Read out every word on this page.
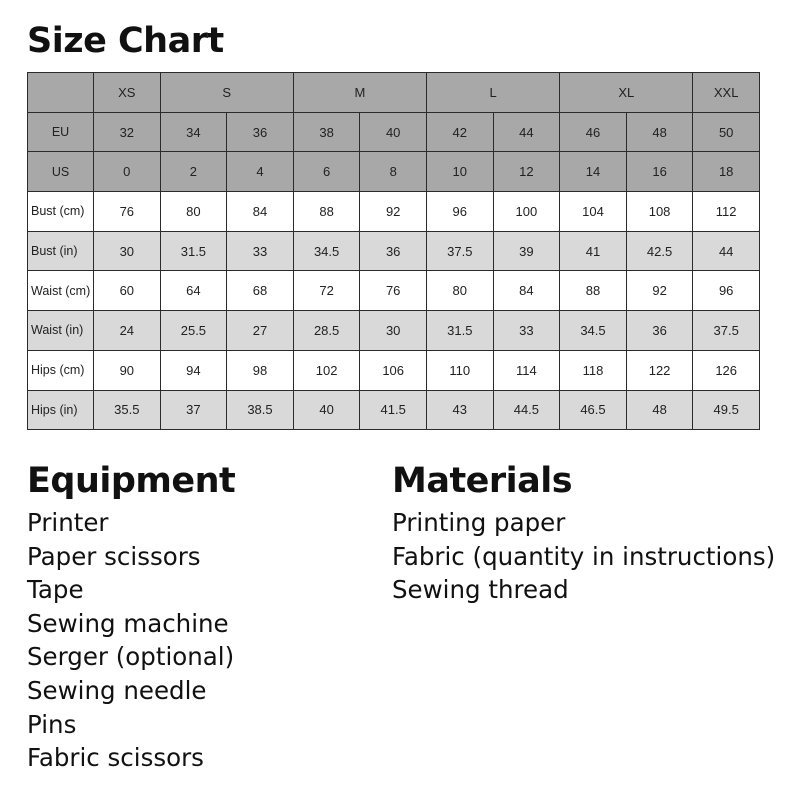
Size Chart
	XS	S		M		L		XL		XXL
EU	32	34	36	38	40	42	44	46	48	50
US	0	2	4	6	8	10	12	14	16	18
Bust (cm)	76	80	84	88	92	96	100	104	108	112
Bust (in)	30	31.5	33	34.5	36	37.5	39	41	42.5	44
Waist (cm)	60	64	68	72	76	80	84	88	92	96
Waist (in)	24	25.5	27	28.5	30	31.5	33	34.5	36	37.5
Hips (cm)	90	94	98	102	106	110	114	118	122	126
Hips (in)	35.5	37	38.5	40	41.5	43	44.5	46.5	48	49.5
Equipment
Printer
Paper scissors
Tape
Sewing machine
Serger (optional)
Sewing needle
Pins
Fabric scissors
Materials
Printing paper
Fabric (quantity in instructions)
Sewing thread
